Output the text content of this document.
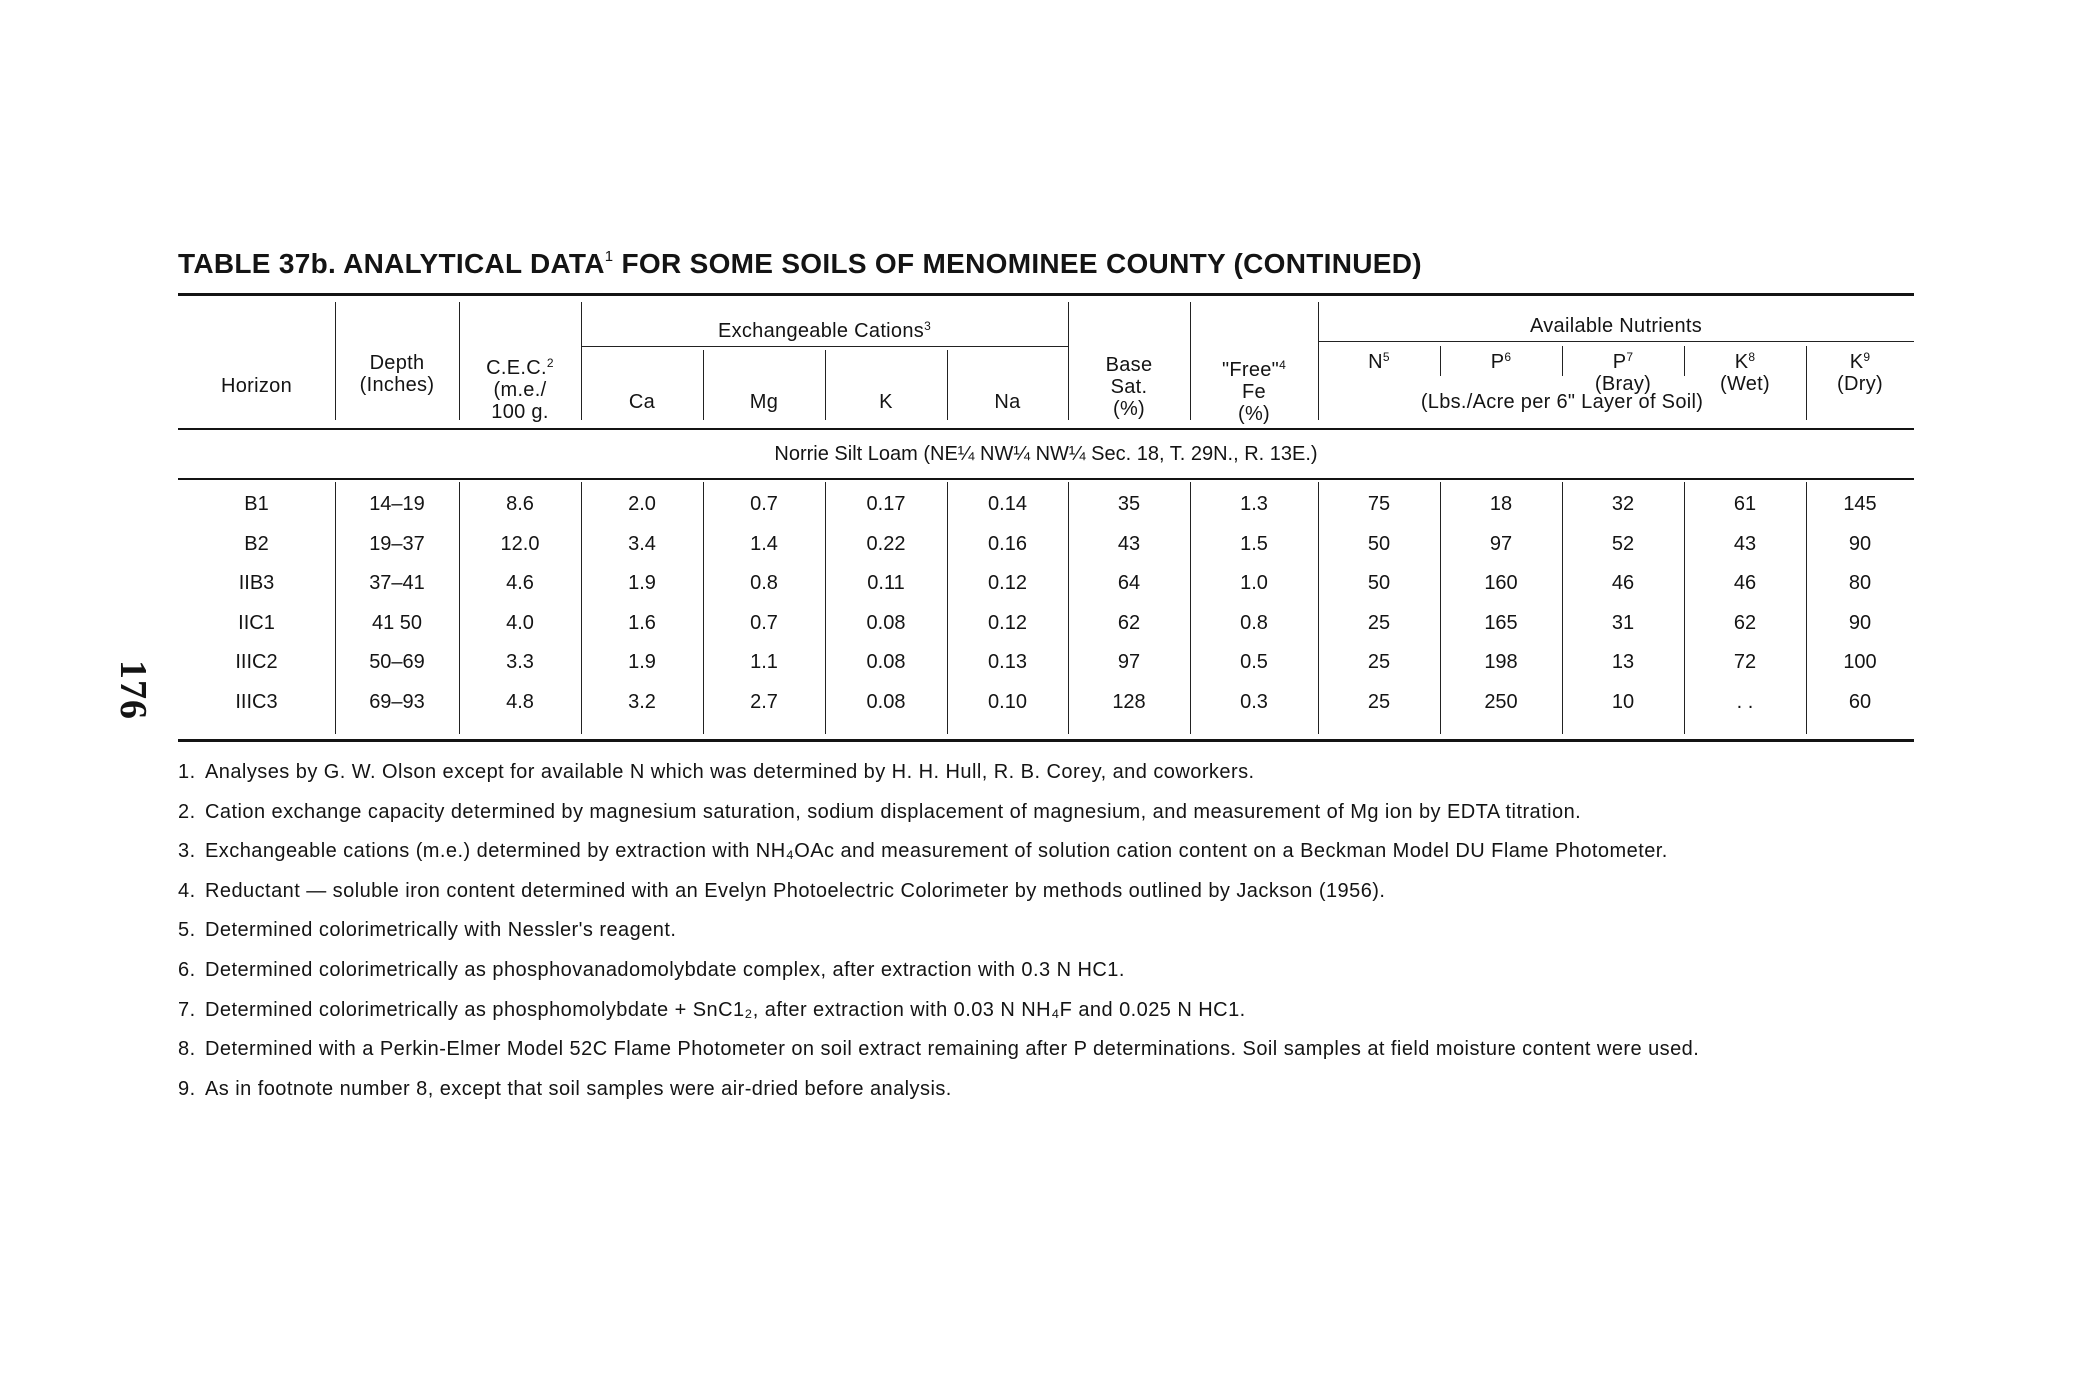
176
TABLE 37b. ANALYTICAL DATA$^1$ FOR SOME SOILS OF MENOMINEE COUNTY (CONTINUED)
Horizon
Depth
(Inches)
C.E.C.$^2$
(m.e./
100 g.
Exchangeable Cations$^3$
Ca	Mg	K	Na
Base
Sat.
(%)
"Free"$^4$
Fe
(%)
Available Nutrients
$N^5$	$P^6$	$P^7$
(Bray)
$K^8$
(Wet)
$K^9$
(Dry)
(Lbs./Acre per 6" Layer of Soil)
Norrie Silt Loam (NE¼ NW¼ NW¼ Sec. 18, T. 29N., R. 13E.)
B1	14–19	8.6	2.0	0.7	0.17	0.14	35	1.3	75	18	32	61	145
B2	19–37	12.0	3.4	1.4	0.22	0.16	43	1.5	50	97	52	43	90
IIB3	37–41	4.6	1.9	0.8	0.11	0.12	64	1.0	50	160	46	46	80
IIC1	41 50	4.0	1.6	0.7	0.08	0.12	62	0.8	25	165	31	62	90
IIIC2	50–69	3.3	1.9	1.1	0.08	0.13	97	0.5	25	198	13	72	100
IIIC3	69–93	4.8	3.2	2.7	0.08	0.10	128	0.3	25	250	10	. .	60
1. Analyses by G. W. Olson except for available N which was determined by H. H. Hull, R. B. Corey, and coworkers.
2. Cation exchange capacity determined by magnesium saturation, sodium displacement of magnesium, and measurement of Mg ion by EDTA titration.
3. Exchangeable cations (m.e.) determined by extraction with NH₄OAc and measurement of solution cation content on a Beckman Model DU Flame Photometer.
4. Reductant — soluble iron content determined with an Evelyn Photoelectric Colorimeter by methods outlined by Jackson (1956).
5. Determined colorimetrically with Nessler's reagent.
6. Determined colorimetrically as phosphovanadomolybdate complex, after extraction with 0.3 N HC1.
7. Determined colorimetrically as phosphomolybdate + SnC1₂, after extraction with 0.03 N NH₄F and 0.025 N HC1.
8. Determined with a Perkin-Elmer Model 52C Flame Photometer on soil extract remaining after P determinations. Soil samples at field moisture content were used.
9. As in footnote number 8, except that soil samples were air-dried before analysis.
